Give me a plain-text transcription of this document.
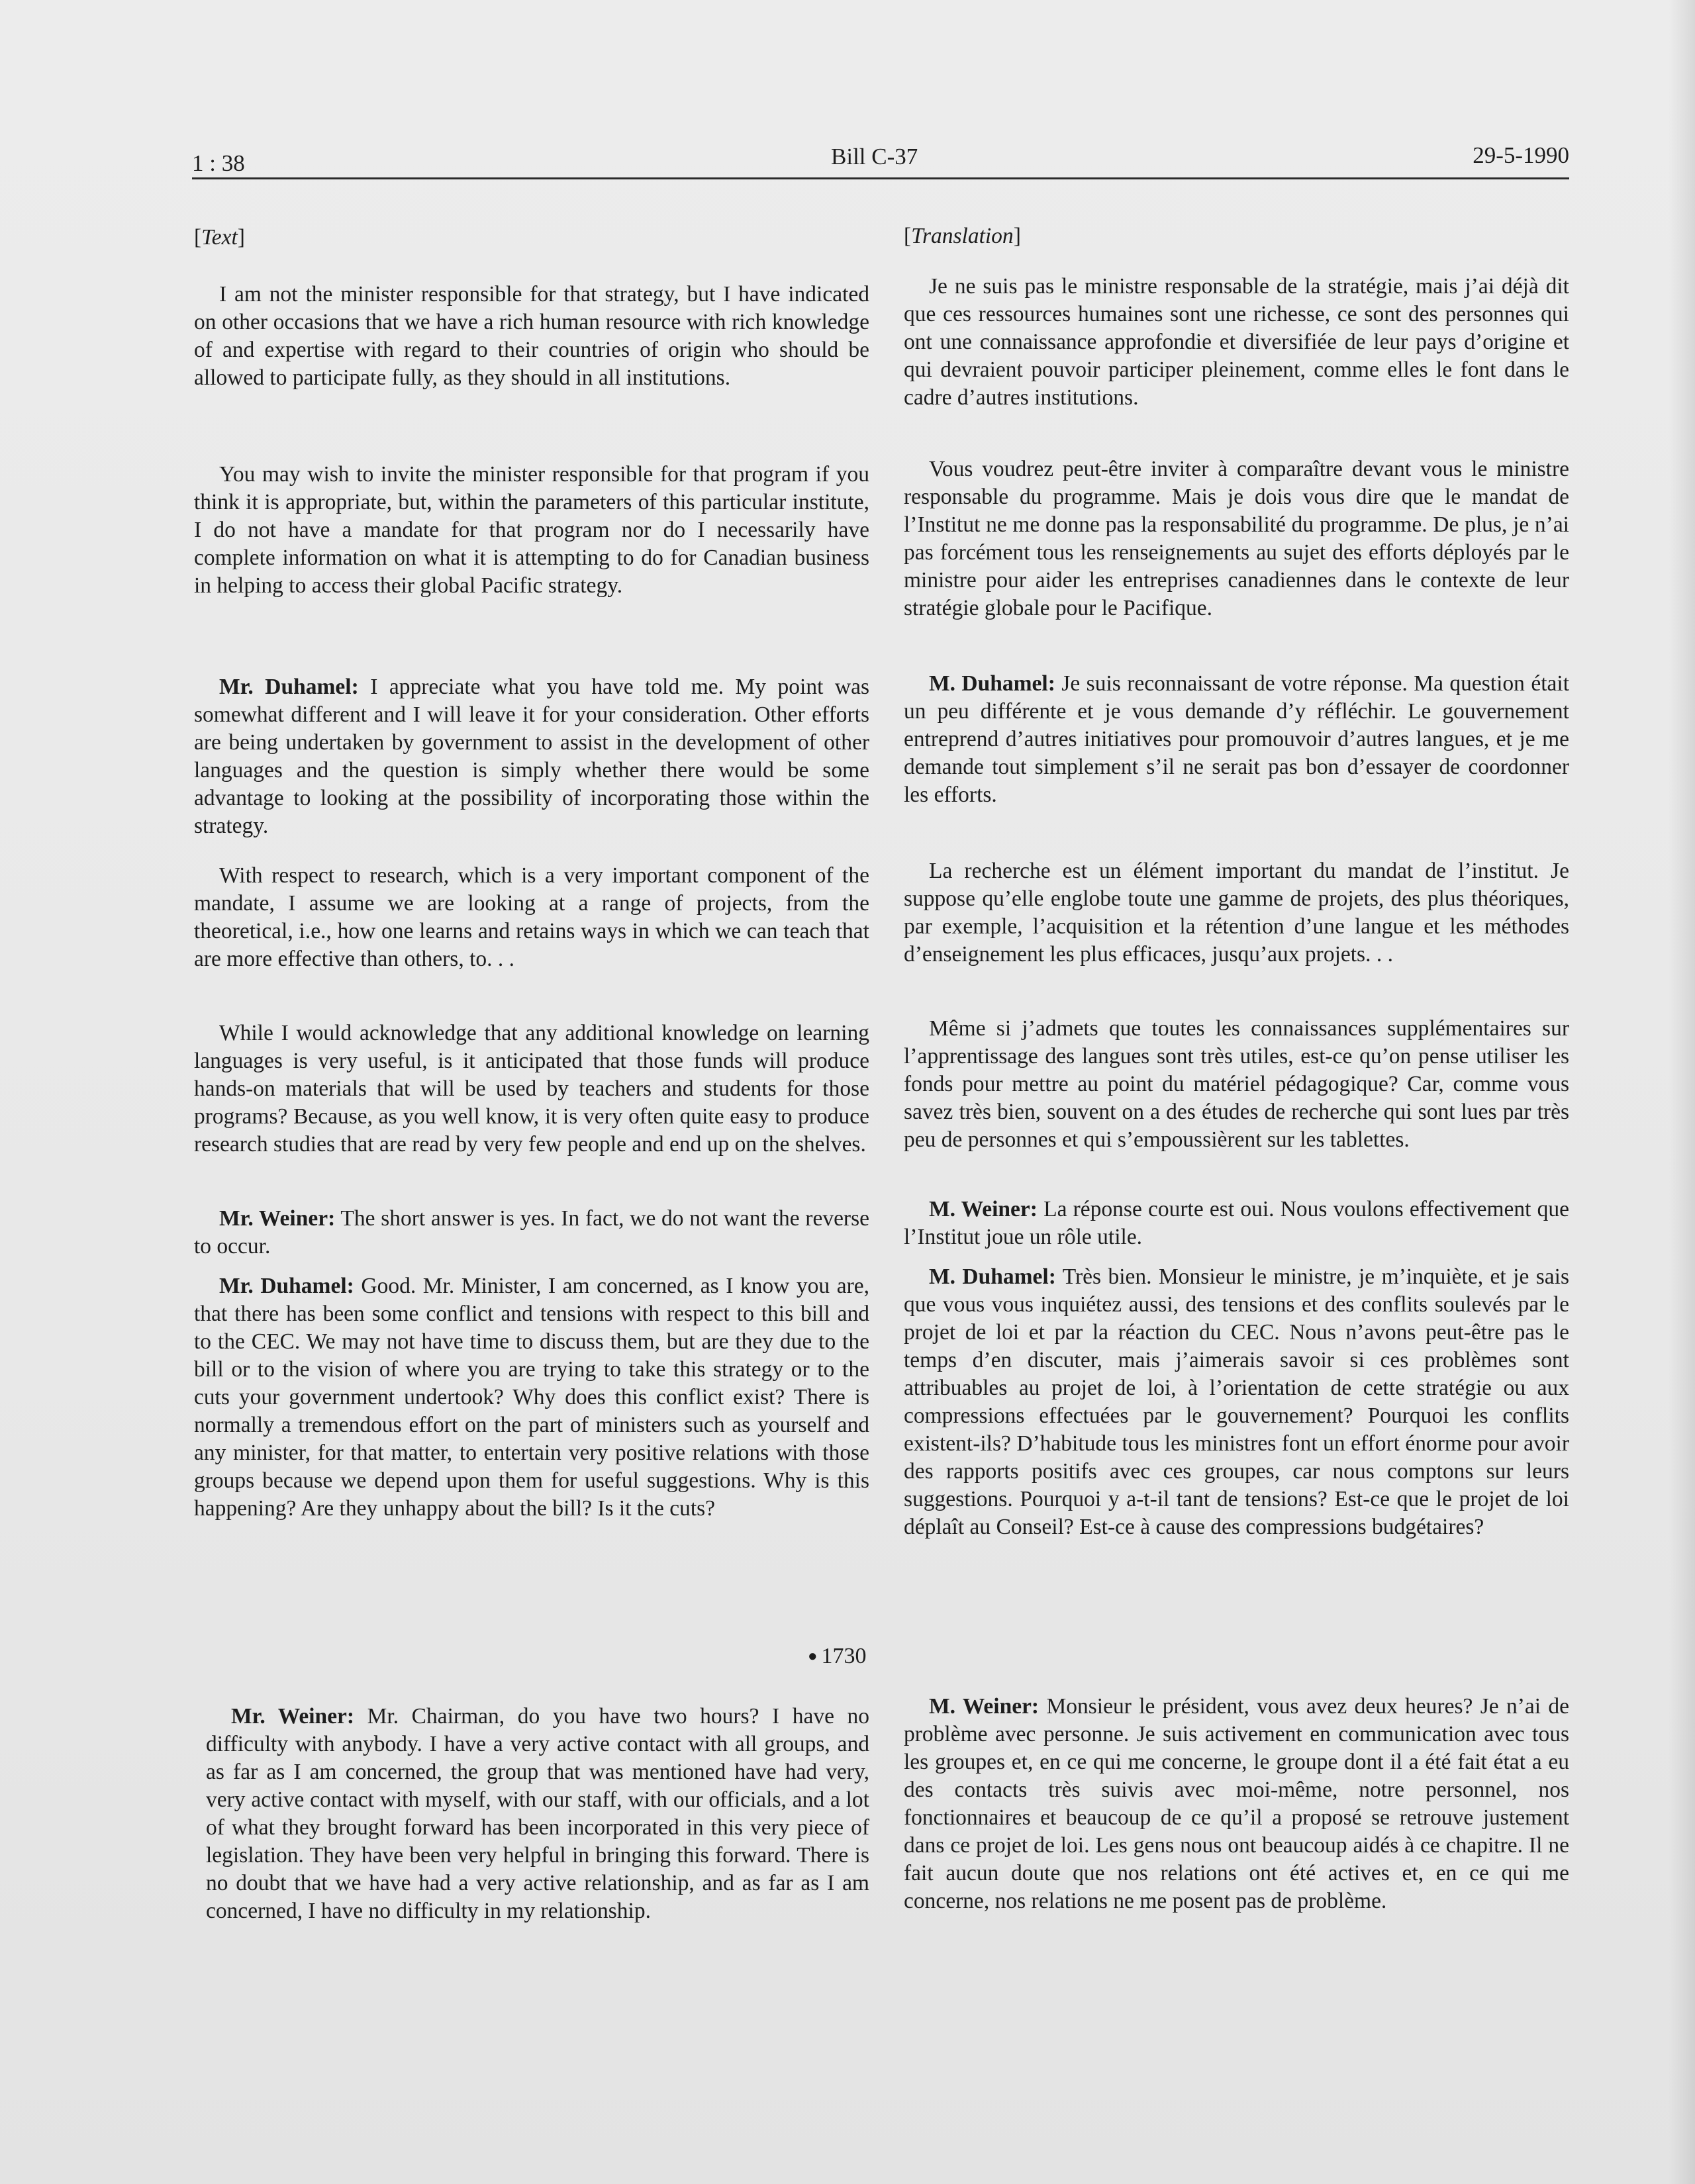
1 : 38	Bill C-37	29-5-1990
[Text]

I am not the minister responsible for that strategy, but I have indicated on other occasions that we have a rich human resource with rich knowledge of and expertise with regard to their countries of origin who should be allowed to participate fully, as they should in all institutions.

You may wish to invite the minister responsible for that program if you think it is appropriate, but, within the parameters of this particular institute, I do not have a mandate for that program nor do I necessarily have complete information on what it is attempting to do for Canadian business in helping to access their global Pacific strategy.

Mr. Duhamel: I appreciate what you have told me. My point was somewhat different and I will leave it for your consideration. Other efforts are being undertaken by government to assist in the development of other languages and the question is simply whether there would be some advantage to looking at the possibility of incorporating those within the strategy.

With respect to research, which is a very important component of the mandate, I assume we are looking at a range of projects, from the theoretical, i.e., how one learns and retains ways in which we can teach that are more effective than others, to. . .

While I would acknowledge that any additional knowledge on learning languages is very useful, is it anticipated that those funds will produce hands-on materials that will be used by teachers and students for those programs? Because, as you well know, it is very often quite easy to produce research studies that are read by very few people and end up on the shelves.

Mr. Weiner: The short answer is yes. In fact, we do not want the reverse to occur.

Mr. Duhamel: Good. Mr. Minister, I am concerned, as I know you are, that there has been some conflict and tensions with respect to this bill and to the CEC. We may not have time to discuss them, but are they due to the bill or to the vision of where you are trying to take this strategy or to the cuts your government undertook? Why does this conflict exist? There is normally a tremendous effort on the part of ministers such as yourself and any minister, for that matter, to entertain very positive relations with those groups because we depend upon them for useful suggestions. Why is this happening? Are they unhappy about the bill? Is it the cuts?

Mr. Weiner: Mr. Chairman, do you have two hours? I have no difficulty with anybody. I have a very active contact with all groups, and as far as I am concerned, the group that was mentioned have had very, very active contact with myself, with our staff, with our officials, and a lot of what they brought forward has been incorporated in this very piece of legislation. They have been very helpful in bringing this forward. There is no doubt that we have had a very active relationship, and as far as I am concerned, I have no difficulty in my relationship.

● 1730
[Translation]

Je ne suis pas le ministre responsable de la stratégie, mais j’ai déjà dit que ces ressources humaines sont une richesse, ce sont des personnes qui ont une connaissance approfondie et diversifiée de leur pays d’origine et qui devraient pouvoir participer pleinement, comme elles le font dans le cadre d’autres institutions.

Vous voudrez peut-être inviter à comparaître devant vous le ministre responsable du programme. Mais je dois vous dire que le mandat de l’Institut ne me donne pas la responsabilité du programme. De plus, je n’ai pas forcément tous les renseignements au sujet des efforts déployés par le ministre pour aider les entreprises canadiennes dans le contexte de leur stratégie globale pour le Pacifique.

M. Duhamel: Je suis reconnaissant de votre réponse. Ma question était un peu différente et je vous demande d’y réfléchir. Le gouvernement entreprend d’autres initiatives pour promouvoir d’autres langues, et je me demande tout simplement s’il ne serait pas bon d’essayer de coordonner les efforts.

La recherche est un élément important du mandat de l’institut. Je suppose qu’elle englobe toute une gamme de projets, des plus théoriques, par exemple, l’acquisition et la rétention d’une langue et les méthodes d’enseignement les plus efficaces, jusqu’aux projets. . .

Même si j’admets que toutes les connaissances supplémentaires sur l’apprentissage des langues sont très utiles, est-ce qu’on pense utiliser les fonds pour mettre au point du matériel pédagogique? Car, comme vous savez très bien, souvent on a des études de recherche qui sont lues par très peu de personnes et qui s’empoussièrent sur les tablettes.

M. Weiner: La réponse courte est oui. Nous voulons effectivement que l’Institut joue un rôle utile.

M. Duhamel: Très bien. Monsieur le ministre, je m’inquiète, et je sais que vous vous inquiétez aussi, des tensions et des conflits soulevés par le projet de loi et par la réaction du CEC. Nous n’avons peut-être pas le temps d’en discuter, mais j’aimerais savoir si ces problèmes sont attribuables au projet de loi, à l’orientation de cette stratégie ou aux compressions effectuées par le gouvernement? Pourquoi les conflits existent-ils? D’habitude tous les ministres font un effort énorme pour avoir des rapports positifs avec ces groupes, car nous comptons sur leurs suggestions. Pourquoi y a-t-il tant de tensions? Est-ce que le projet de loi déplaît au Conseil? Est-ce à cause des compressions budgétaires?

M. Weiner: Monsieur le président, vous avez deux heures? Je n’ai de problème avec personne. Je suis activement en communication avec tous les groupes et, en ce qui me concerne, le groupe dont il a été fait état a eu des contacts très suivis avec moi-même, notre personnel, nos fonctionnaires et beaucoup de ce qu’il a proposé se retrouve justement dans ce projet de loi. Les gens nous ont beaucoup aidés à ce chapitre. Il ne fait aucun doute que nos relations ont été actives et, en ce qui me concerne, nos relations ne me posent pas de problème.
